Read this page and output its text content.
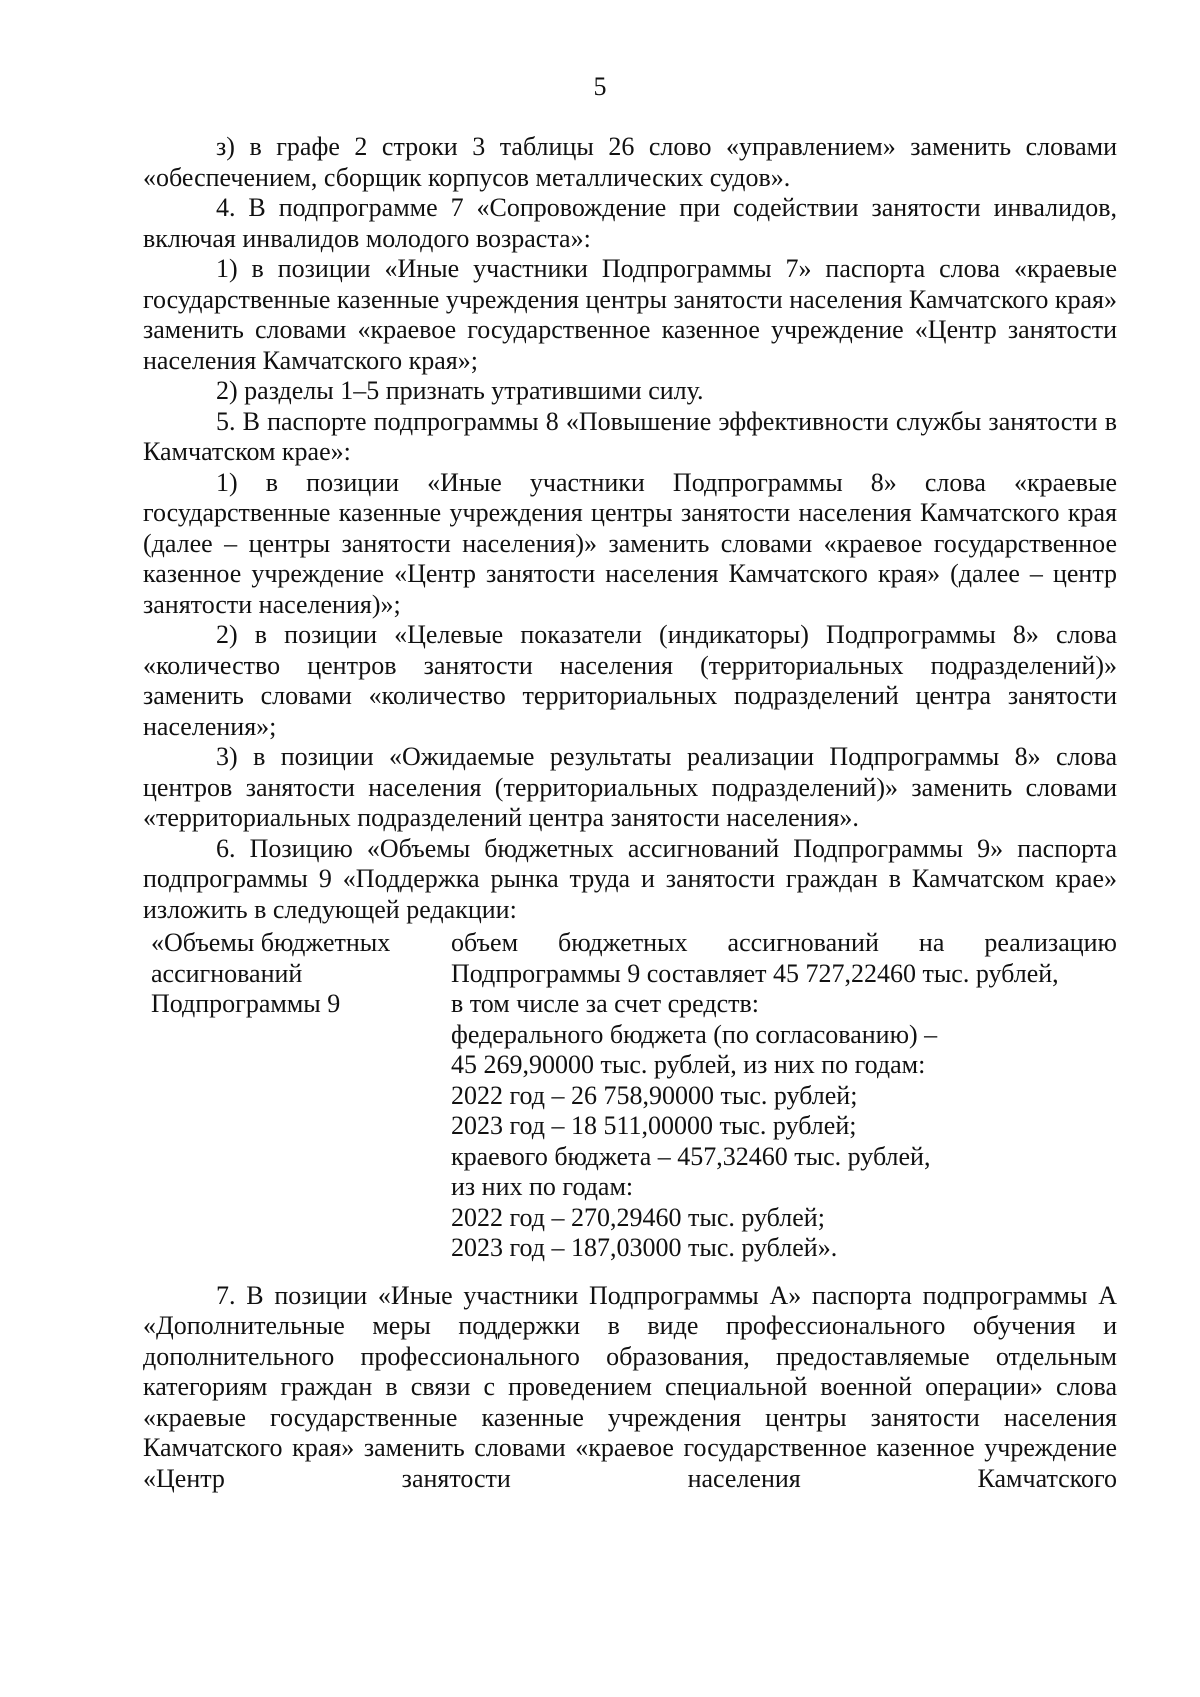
5

з) в графе 2 строки 3 таблицы 26 слово «управлением» заменить словами «обеспечением, сборщик корпусов металлических судов».

4. В подпрограмме 7 «Сопровождение при содействии занятости инвалидов, включая инвалидов молодого возраста»:

1) в позиции «Иные участники Подпрограммы 7» паспорта слова «краевые государственные казенные учреждения центры занятости населения Камчатского края» заменить словами «краевое государственное казенное учреждение «Центр занятости населения Камчатского края»;

2) разделы 1–5 признать утратившими силу.

5. В паспорте подпрограммы 8 «Повышение эффективности службы занятости в Камчатском крае»:

1) в позиции «Иные участники Подпрограммы 8» слова «краевые государственные казенные учреждения центры занятости населения Камчатского края (далее – центры занятости населения)» заменить словами «краевое государственное казенное учреждение «Центр занятости населения Камчатского края» (далее – центр занятости населения)»;

2) в позиции «Целевые показатели (индикаторы) Подпрограммы 8» слова «количество центров занятости населения (территориальных подразделений)» заменить словами «количество территориальных подразделений центра занятости населения»;

3) в позиции «Ожидаемые результаты реализации Подпрограммы 8» слова центров занятости населения (территориальных подразделений)» заменить словами «территориальных подразделений центра занятости населения».

6. Позицию «Объемы бюджетных ассигнований Подпрограммы 9» паспорта подпрограммы 9 «Поддержка рынка труда и занятости граждан в Камчатском крае» изложить в следующей редакции:

«Объемы бюджетных
ассигнований
Подпрограммы 9
объем бюджетных ассигнований на реализацию
Подпрограммы 9 составляет 45 727,22460 тыс. рублей,
в том числе за счет средств:
федерального бюджета (по согласованию) –
45 269,90000 тыс. рублей, из них по годам:
2022 год – 26 758,90000 тыс. рублей;
2023 год – 18 511,00000 тыс. рублей;
краевого бюджета – 457,32460 тыс. рублей,
из них по годам:
2022 год – 270,29460 тыс. рублей;
2023 год – 187,03000 тыс. рублей».

7. В позиции «Иные участники Подпрограммы А» паспорта подпрограммы А «Дополнительные меры поддержки в виде профессионального обучения и дополнительного профессионального образования, предоставляемые отдельным категориям граждан в связи с проведением специальной военной операции» слова «краевые государственные казенные учреждения центры занятости населения Камчатского края» заменить словами «краевое государственное казенное учреждение «Центр занятости населения Камчатского
